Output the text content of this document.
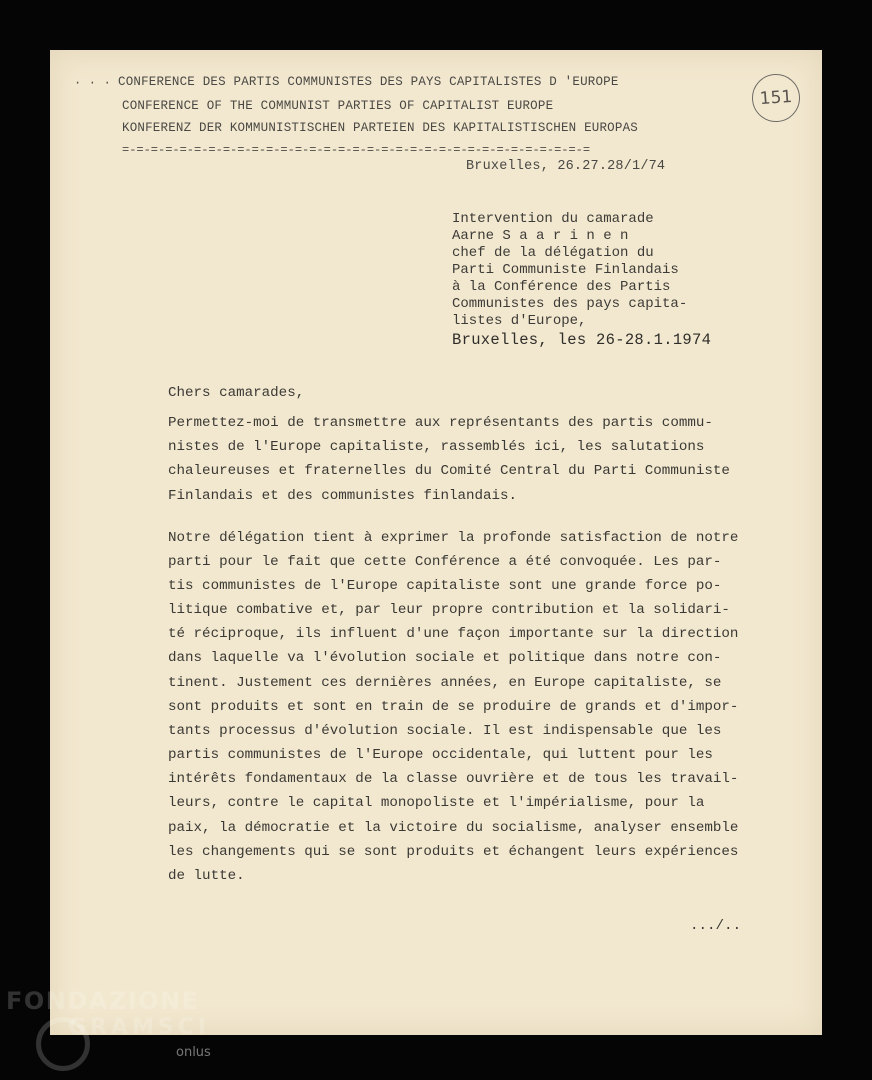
· · · CONFERENCE DES PARTIS COMMUNISTES DES PAYS CAPITALISTES D 'EUROPE
CONFERENCE OF THE COMMUNIST PARTIES OF CAPITALIST EUROPE
KONFERENZ DER KOMMUNISTISCHEN PARTEIEN DES KAPITALISTISCHEN EUROPAS
=-=-=-=-=-=-=-=-=-=-=-=-=-=-=-=-=-=-=-=-=-=-=-=-=-=-=-=-=-=-=-=-=
Bruxelles, 26.27.28/1/74
151
Intervention du camarade
Aarne S a a r i n e n
chef de la délégation du
Parti Communiste Finlandais
à la Conférence des Partis
Communistes des pays capita-
listes d'Europe,
Bruxelles, les 26-28.1.1974
Chers camarades,
Permettez-moi de transmettre aux représentants des partis commu-
nistes de l'Europe capitaliste, rassemblés ici, les salutations
chaleureuses et fraternelles du Comité Central du Parti Communiste
Finlandais et des communistes finlandais.
Notre délégation tient à exprimer la profonde satisfaction de notre
parti pour le fait que cette Conférence a été convoquée. Les par-
tis communistes de l'Europe capitaliste sont une grande force po-
litique combative et, par leur propre contribution et la solidari-
té réciproque, ils influent d'une façon importante sur la direction
dans laquelle va l'évolution sociale et politique dans notre con-
tinent. Justement ces dernières années, en Europe capitaliste, se
sont produits et sont en train de se produire de grands et d'impor-
tants processus d'évolution sociale. Il est indispensable que les
partis communistes de l'Europe occidentale, qui luttent pour les
intérêts fondamentaux de la classe ouvrière et de tous les travail-
leurs, contre le capital monopoliste et l'impérialisme, pour la
paix, la démocratie et la victoire du socialisme, analyser ensemble
les changements qui se sont produits et échangent leurs expériences
de lutte.
.../..
FONDAZIONE
GRAMSCI
onlus
